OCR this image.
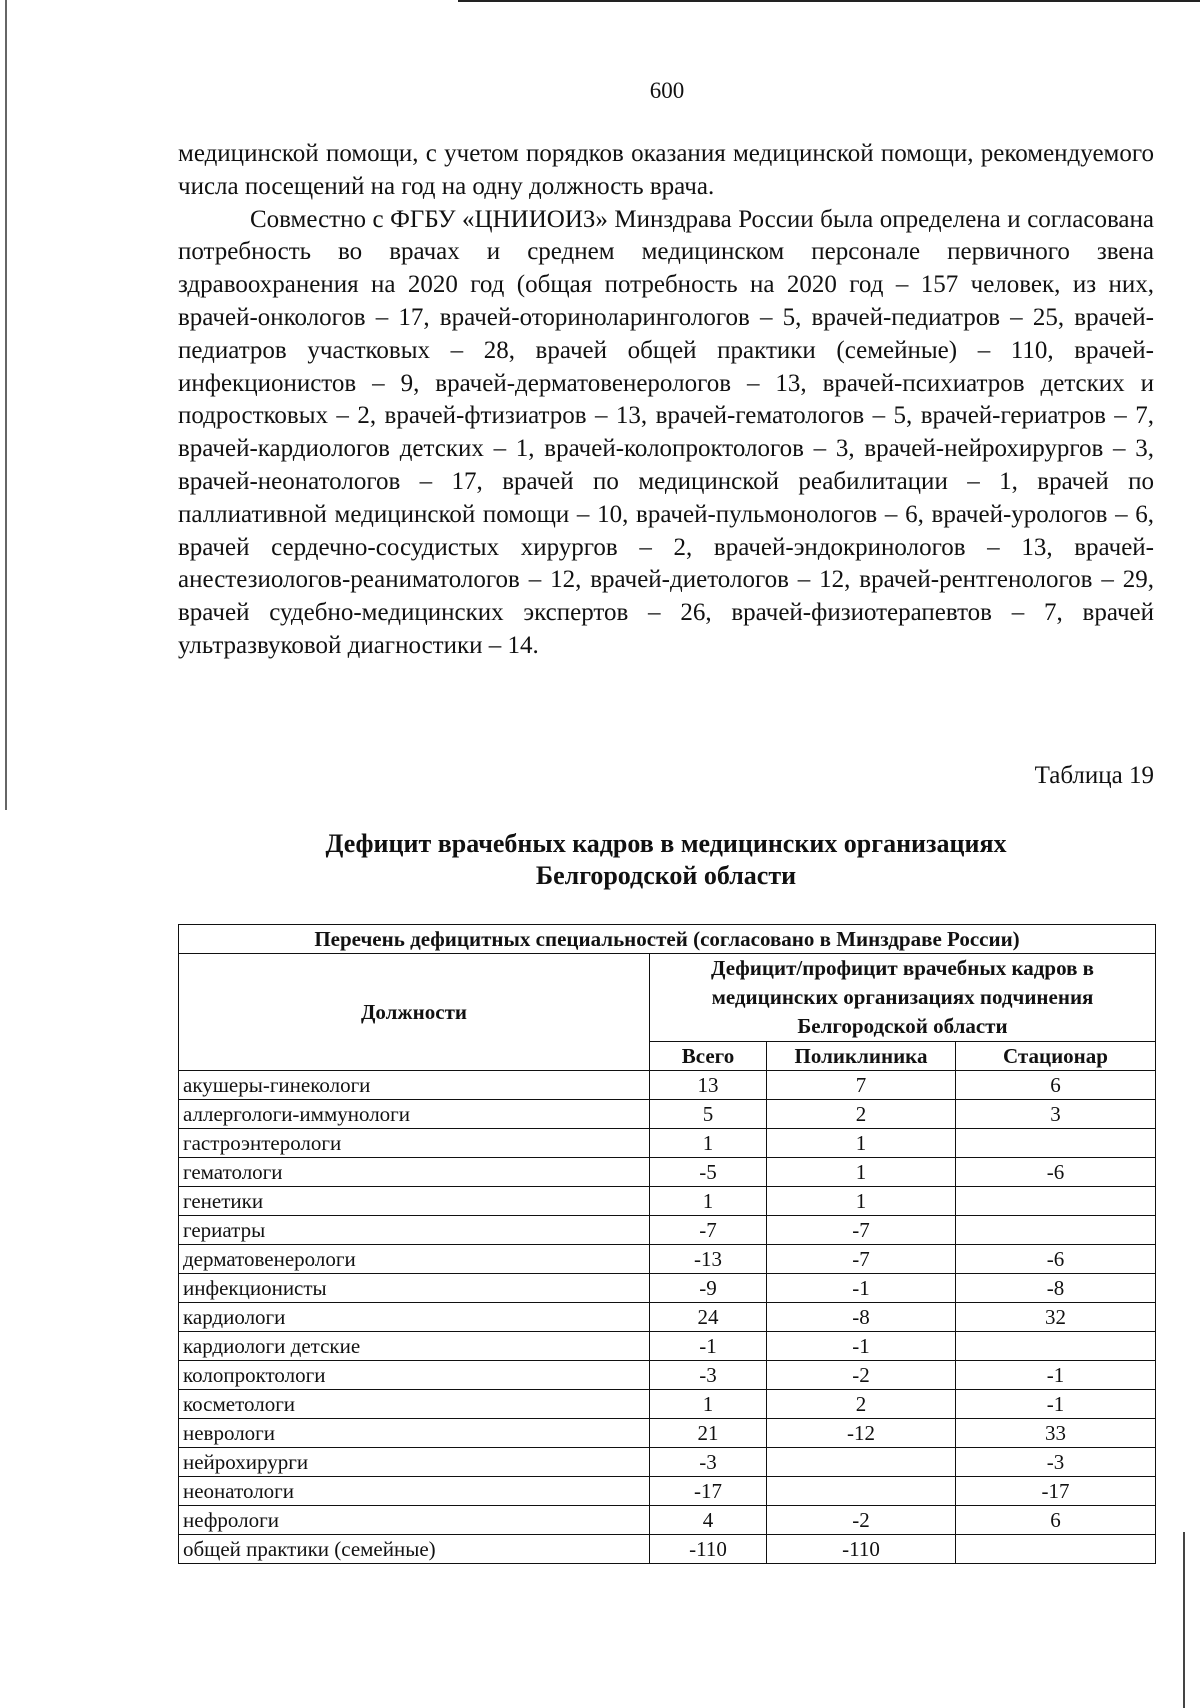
600

медицинской помощи, с учетом порядков оказания медицинской помощи, рекомендуемого числа посещений на год на одну должность врача.

Совместно с ФГБУ «ЦНИИОИЗ» Минздрава России была определена и согласована потребность во врачах и среднем медицинском персонале первичного звена здравоохранения на 2020 год (общая потребность на 2020 год – 157 человек, из них, врачей-онкологов – 17, врачей-оториноларингологов – 5, врачей-педиатров – 25, врачей-педиатров участковых – 28, врачей общей практики (семейные) – 110, врачей-инфекционистов – 9, врачей-дерматовенерологов – 13, врачей-психиатров детских и подростковых – 2, врачей-фтизиатров – 13, врачей-гематологов – 5, врачей-гериатров – 7, врачей-кардиологов детских – 1, врачей-колопроктологов – 3, врачей-нейрохирургов – 3, врачей-неонатологов – 17, врачей по медицинской реабилитации – 1, врачей по паллиативной медицинской помощи – 10, врачей-пульмонологов – 6, врачей-урологов – 6, врачей сердечно-сосудистых хирургов – 2, врачей-эндокринологов – 13, врачей-анестезиологов-реаниматологов – 12, врачей-диетологов – 12, врачей-рентгенологов – 29, врачей судебно-медицинских экспертов – 26, врачей-физиотерапевтов – 7, врачей ультразвуковой диагностики – 14.

Таблица 19
Дефицит врачебных кадров в медицинских организациях
Белгородской области
Перечень дефицитных специальностей (согласовано в Минздраве России)			
Должности	Дефицит/профицит врачебных кадров в медицинских организациях подчинения Белгородской области		
	Всего	Поликлиника	Стационар
акушеры-гинекологи	13	7	6
аллергологи-иммунологи	5	2	3
гастроэнтерологи	1	1	
гематологи	-5	1	-6
генетики	1	1	
гериатры	-7	-7	
дерматовенерологи	-13	-7	-6
инфекционисты	-9	-1	-8
кардиологи	24	-8	32
кардиологи детские	-1	-1	
колопроктологи	-3	-2	-1
косметологи	1	2	-1
неврологи	21	-12	33
нейрохирурги	-3		-3
неонатологи	-17		-17
нефрологи	4	-2	6
общей практики (семейные)	-110	-110	
